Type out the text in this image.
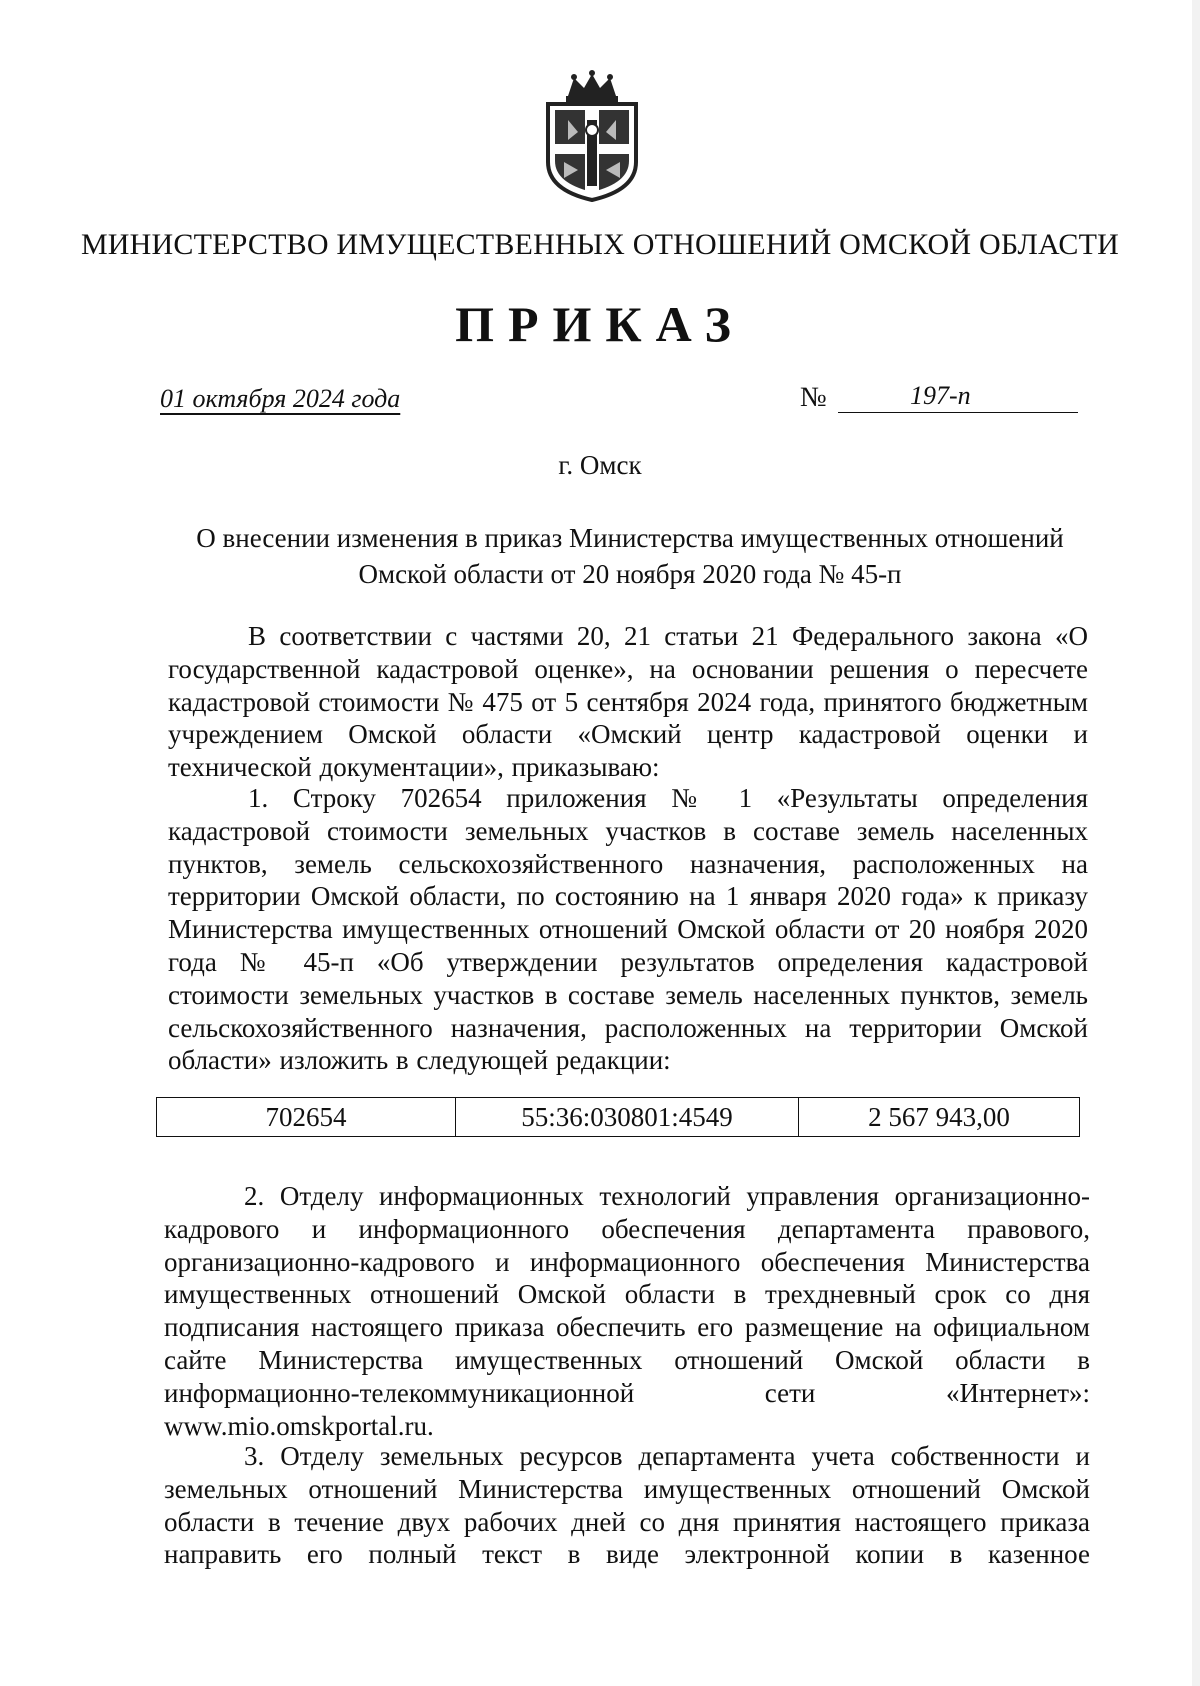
МИНИСТЕРСТВО ИМУЩЕСТВЕННЫХ ОТНОШЕНИЙ ОМСКОЙ ОБЛАСТИ
ПРИКАЗ
01 октября 2024 года	№	197-п
г. Омск
О внесении изменения в приказ Министерства имущественных отношений
Омской области от 20 ноября 2020 года № 45-п
В соответствии с частями 20, 21 статьи 21 Федерального закона «О государственной кадастровой оценке», на основании решения о пересчете кадастровой стоимости № 475 от 5 сентября 2024 года, принятого бюджетным учреждением Омской области «Омский центр кадастровой оценки и технической документации», приказываю:
1. Строку 702654 приложения № 1 «Результаты определения кадастровой стоимости земельных участков в составе земель населенных пунктов, земель сельскохозяйственного назначения, расположенных на территории Омской области, по состоянию на 1 января 2020 года» к приказу Министерства имущественных отношений Омской области от 20 ноября 2020 года № 45-п «Об утверждении результатов определения кадастровой стоимости земельных участков в составе земель населенных пунктов, земель сельскохозяйственного назначения, расположенных на территории Омской области» изложить в следующей редакции:
702654	55:36:030801:4549	2 567 943,00
2. Отделу информационных технологий управления организационно-кадрового и информационного обеспечения департамента правового, организационно-кадрового и информационного обеспечения Министерства имущественных отношений Омской области в трехдневный срок со дня подписания настоящего приказа обеспечить его размещение на официальном сайте Министерства имущественных отношений Омской области в информационно-телекоммуникационной сети «Интернет»: www.mio.omskportal.ru.
3. Отделу земельных ресурсов департамента учета собственности и земельных отношений Министерства имущественных отношений Омской области в течение двух рабочих дней со дня принятия настоящего приказа направить его полный текст в виде электронной копии в казенное
